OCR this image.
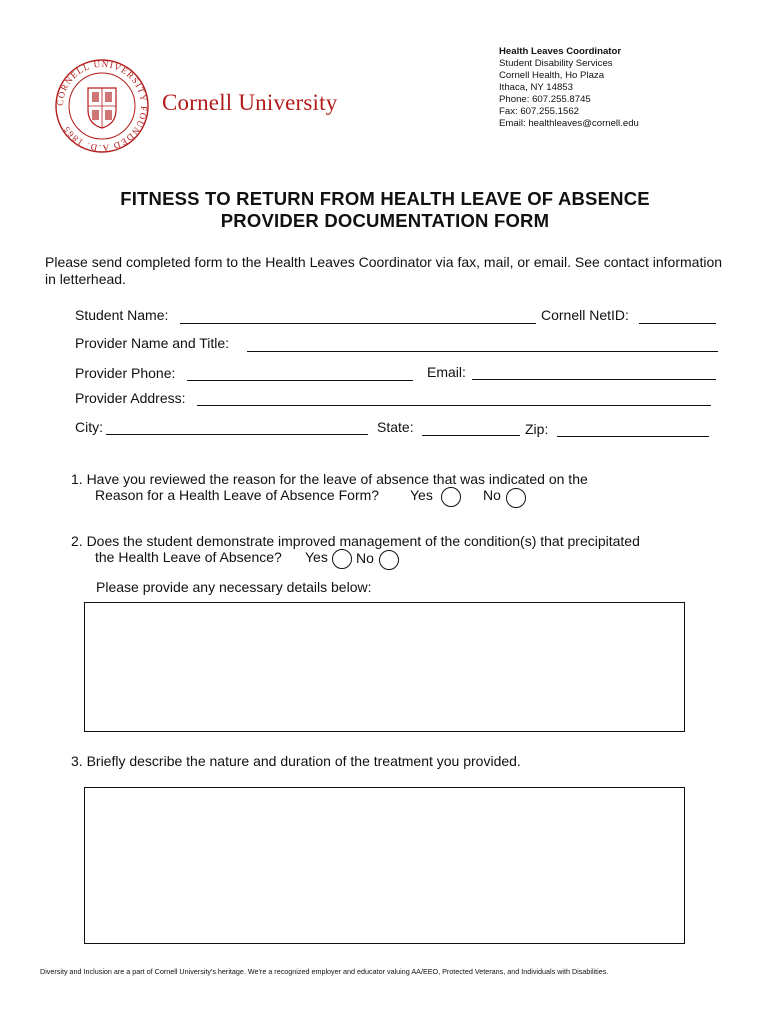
CORNELL UNIVERSITY FOUNDED A.D. 1865
Cornell University
Health Leaves Coordinator
Student Disability Services
Cornell Health, Ho Plaza
Ithaca, NY 14853
Phone: 607.255.8745
Fax: 607.255.1562
Email: healthleaves@cornell.edu
FITNESS TO RETURN FROM HEALTH LEAVE OF ABSENCE
PROVIDER DOCUMENTATION FORM
Please send completed form to the Health Leaves Coordinator via fax, mail, or email. See contact information in letterhead.
Student Name:	Cornell NetID:
Provider Name and Title:
Provider Phone:	Email:
Provider Address:
City:	State:	Zip:
1. Have you reviewed the reason for the leave of absence that was indicated on the
Reason for a Health Leave of Absence Form? Yes	No
2. Does the student demonstrate improved management of the condition(s) that precipitated
the Health Leave of Absence? Yes No
Please provide any necessary details below:
3. Briefly describe the nature and duration of the treatment you provided.
Diversity and Inclusion are a part of Cornell University's heritage. We're a recognized employer and educator valuing AA/EEO, Protected Veterans, and Individuals with Disabilities.
